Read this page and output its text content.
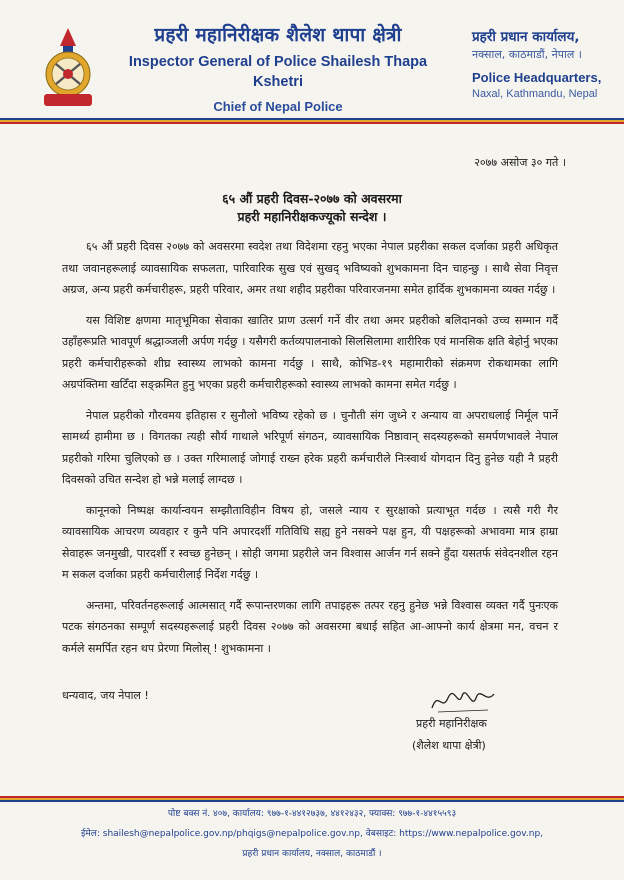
प्रहरी महानिरीक्षक शैलेश थापा क्षेत्री
Inspector General of Police Shailesh Thapa Kshetri
Chief of Nepal Police
प्रहरी प्रधान कार्यालय,
नक्साल, काठमाडौं, नेपाल ।
Police Headquarters,
Naxal, Kathmandu, Nepal
२०७७ असोज ३० गते ।
६५ औं प्रहरी दिवस-२०७७ को अवसरमा
प्रहरी महानिरीक्षकज्यूको सन्देश ।

६५ औं प्रहरी दिवस २०७७ को अवसरमा स्वदेश तथा विदेशमा रहनु भएका नेपाल प्रहरीका सकल दर्जाका प्रहरी अधिकृत तथा जवानहरूलाई व्यावसायिक सफलता, पारिवारिक सुख एवं सुखद् भविष्यको शुभकामना दिन चाहन्छु । साथै सेवा निवृत्त अग्रज, अन्य प्रहरी कर्मचारीहरू, प्रहरी परिवार, अमर तथा शहीद प्रहरीका परिवारजनमा समेत हार्दिक शुभकामना व्यक्त गर्दछु ।

यस विशिष्ट क्षणमा मातृभूमिका सेवाका खातिर प्राण उत्सर्ग गर्ने वीर तथा अमर प्रहरीको बलिदानको उच्च सम्मान गर्दै उहाँहरूप्रति भावपूर्ण श्रद्धाञ्जली अर्पण गर्दछु । यसैगरी कर्तव्यपालनाको सिलसिलामा शारीरिक एवं मानसिक क्षति बेहोर्नु भएका प्रहरी कर्मचारीहरूको शीघ्र स्वास्थ्य लाभको कामना गर्दछु । साथै, कोभिड-१९ महामारीको संक्रमण रोकथामका लागि अग्रपंक्तिमा खटिँदा सङ्क्रमित हुनु भएका प्रहरी कर्मचारीहरूको स्वास्थ्य लाभको कामना समेत गर्दछु ।

नेपाल प्रहरीको गौरवमय इतिहास र सुनौलो भविष्य रहेको छ । चुनौती संग जुध्ने र अन्याय वा अपराधलाई निर्मूल पार्ने सामर्थ्य हामीमा छ । विगतका त्यही सौर्य गाथाले भरिपूर्ण संगठन, व्यावसायिक निष्ठावान् सदस्यहरूको समर्पणभावले नेपाल प्रहरीको गरिमा चुलिएको छ । उक्त गरिमालाई जोगाई राख्न हरेक प्रहरी कर्मचारीले निःस्वार्थ योगदान दिनु हुनेछ यही नै प्रहरी दिवसको उचित सन्देश हो भन्ने मलाई लाग्दछ ।

कानूनको निष्पक्ष कार्यान्वयन सम्झौताविहीन विषय हो, जसले न्याय र सुरक्षाको प्रत्याभूत गर्दछ । त्यसै गरी गैर व्यावसायिक आचरण व्यवहार र कुनै पनि अपारदर्शी गतिविधि सह्य हुने नसक्ने पक्ष हुन, यी पक्षहरूको अभावमा मात्र हाम्रा सेवाहरू जनमुखी, पारदर्शी र स्वच्छ हुनेछन् । सोही जगमा प्रहरीले जन विश्वास आर्जन गर्न सक्ने हुँदा यसतर्फ संवेदनशील रहन म सकल दर्जाका प्रहरी कर्मचारीलाई निर्देश गर्दछु ।

अन्तमा, परिवर्तनहरूलाई आत्मसात् गर्दै रूपान्तरणका लागि तपाइहरू तत्पर रहनु हुनेछ भन्ने विश्वास व्यक्त गर्दै पुनःएक पटक संगठनका सम्पूर्ण सदस्यहरूलाई प्रहरी दिवस २०७७ को अवसरमा बधाई सहित आ-आफ्नो कार्य क्षेत्रमा मन, वचन र कर्मले समर्पित रहन थप प्रेरणा मिलोस् ! शुभकामना ।

धन्यवाद, जय नेपाल !
प्रहरी महानिरीक्षक
(शैलेश थापा क्षेत्री)
पोष्ट बक्स नं. ४०७, कार्यालय: ९७७-१-४४१२७३७, ४४१२४३२, फ्याक्स: ९७७-१-४४१५५९३
ईमेल: shailesh@nepalpolice.gov.np/phqigs@nepalpolice.gov.np, वेबसाइट: https://www.nepalpolice.gov.np,
प्रहरी प्रधान कार्यालय, नक्साल, काठमाडौं ।
